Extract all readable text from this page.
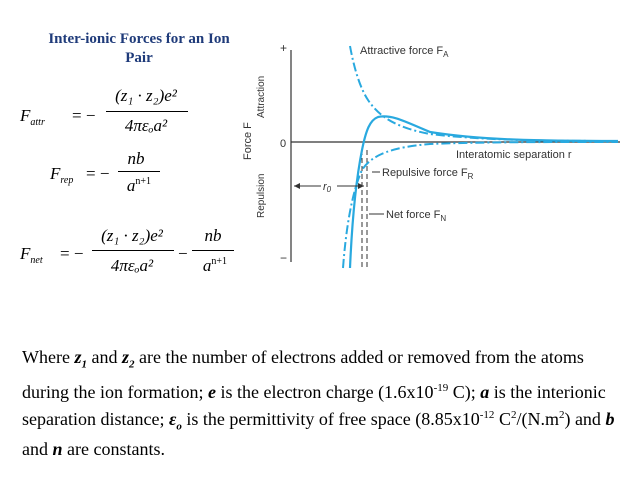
Inter-ionic Forces for an Ion
Pair
$F_{attr}$ = −
(z₁ · z₂)e²
4πεₒa²
$F_{rep}$ = −
nb
$a^{n+1}$
$F_{net}$ = −
(z₁ · z₂)e²
4πεₒa²
−
nb
$a^{n+1}$
+
0
−
Force F
Attraction
Repulsion
Attractive force $F_A$
Interatomic separation r
Repulsive force $F_R$
r0
Net force $F_N$
Where $z_1$ and $z_2$ are the number of electrons added or removed from the atoms during the ion formation; e is the electron charge ($1.6x10^{-19}$ C); a is the interionic separation distance; $\varepsilon_o$ is the permittivity of free space ($8.85x10^{-12}$ $C^2/(N.m^2)$ and b and n are constants.
